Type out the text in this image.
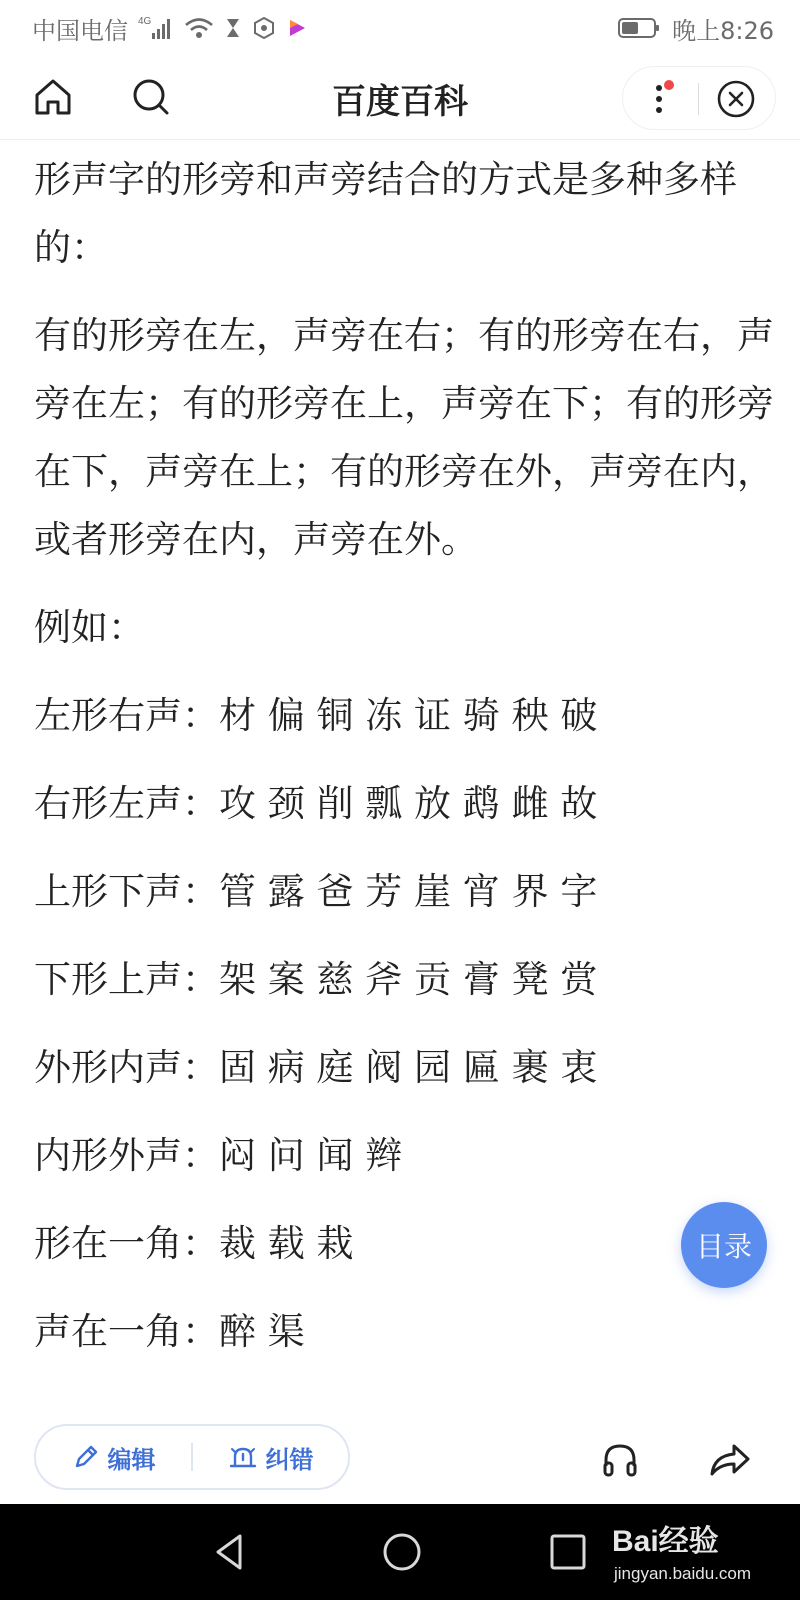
中国电信 4G	晚上8:26
百度百科

形声字的形旁和声旁结合的方式是多种多样的：

有的形旁在左，声旁在右；有的形旁在右，声旁在左；有的形旁在上，声旁在下；有的形旁在下，声旁在上；有的形旁在外，声旁在内，或者形旁在内，声旁在外。

例如：

左形右声：材 偏 铜 冻 证 骑 秧 破
右形左声：攻 颈 削 瓢 放 鹉 雌 故
上形下声：管 露 爸 芳 崖 宵 界 字
下形上声：架 案 慈 斧 贡 膏 凳 赏
外形内声：固 病 庭 阀 园 匾 裹 衷
内形外声：闷 问 闻 辫
形在一角：裁 载 栽
声在一角：醉 渠
目录
编辑	纠错
Bai经验
jingyan.baidu.com
